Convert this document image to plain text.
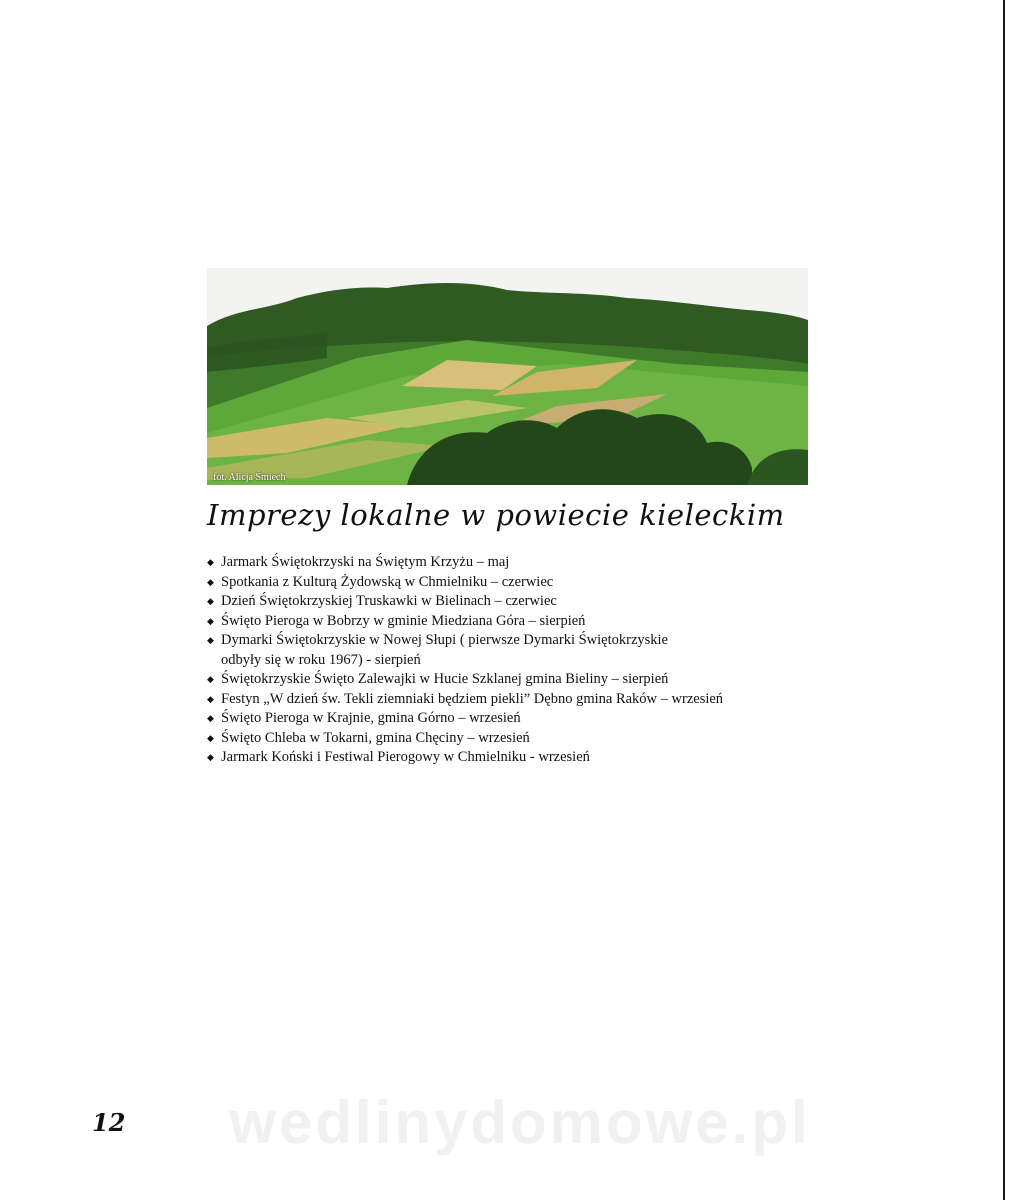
fot. Alicja Śmiech
Imprezy lokalne w powiecie kieleckim
◆ Jarmark Świętokrzyski na Świętym Krzyżu – maj
◆ Spotkania z Kulturą Żydowską w Chmielniku – czerwiec
◆ Dzień Świętokrzyskiej Truskawki w Bielinach – czerwiec
◆ Święto Pieroga w Bobrzy w gminie Miedziana Góra – sierpień
◆ Dymarki Świętokrzyskie w Nowej Słupi ( pierwsze Dymarki Świętokrzyskie
odbyły się w roku 1967) - sierpień
◆ Świętokrzyskie Święto Zalewajki w Hucie Szklanej gmina Bieliny – sierpień
◆ Festyn „W dzień św. Tekli ziemniaki będziem piekli” Dębno gmina Raków – wrzesień
◆ Święto Pieroga w Krajnie, gmina Górno – wrzesień
◆ Święto Chleba w Tokarni, gmina Chęciny – wrzesień
◆ Jarmark Koński i Festiwal Pierogowy w Chmielniku - wrzesień
wedlinydomowe.pl
12
